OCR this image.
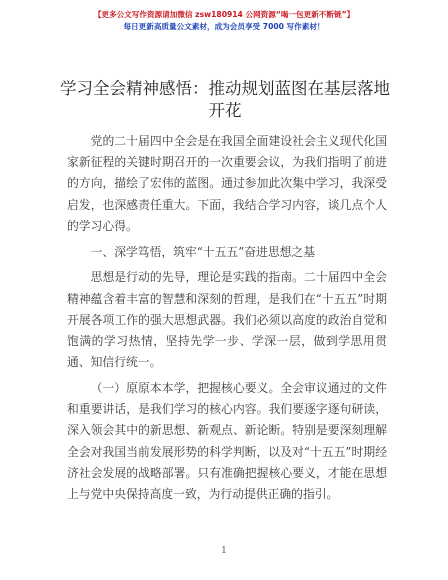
【更多公文写作资源请加微信 zsw180914 公网资源“喝一包更新不断链”】
每日更新高质量公文素材，成为会员享受 7000 写作素材！
学习全会精神感悟：推动规划蓝图在基层落地
开花

党的二十届四中全会是在我国全面建设社会主义现代化国家新征程的关键时期召开的一次重要会议，为我们指明了前进的方向，描绘了宏伟的蓝图。通过参加此次集中学习，我深受启发，也深感责任重大。下面，我结合学习内容，谈几点个人的学习心得。

一、深学笃悟，筑牢“十五五”奋进思想之基

思想是行动的先导，理论是实践的指南。二十届四中全会精神蕴含着丰富的智慧和深刻的哲理，是我们在“十五五”时期开展各项工作的强大思想武器。我们必须以高度的政治自觉和饱满的学习热情，坚持先学一步、学深一层，做到学思用贯通、知信行统一。

（一）原原本本学，把握核心要义。全会审议通过的文件和重要讲话，是我们学习的核心内容。我们要逐字逐句研读，深入领会其中的新思想、新观点、新论断。特别是要深刻理解全会对我国当前发展形势的科学判断，以及对“十五五”时期经济社会发展的战略部署。只有准确把握核心要义，才能在思想上与党中央保持高度一致，为行动提供正确的指引。

1
